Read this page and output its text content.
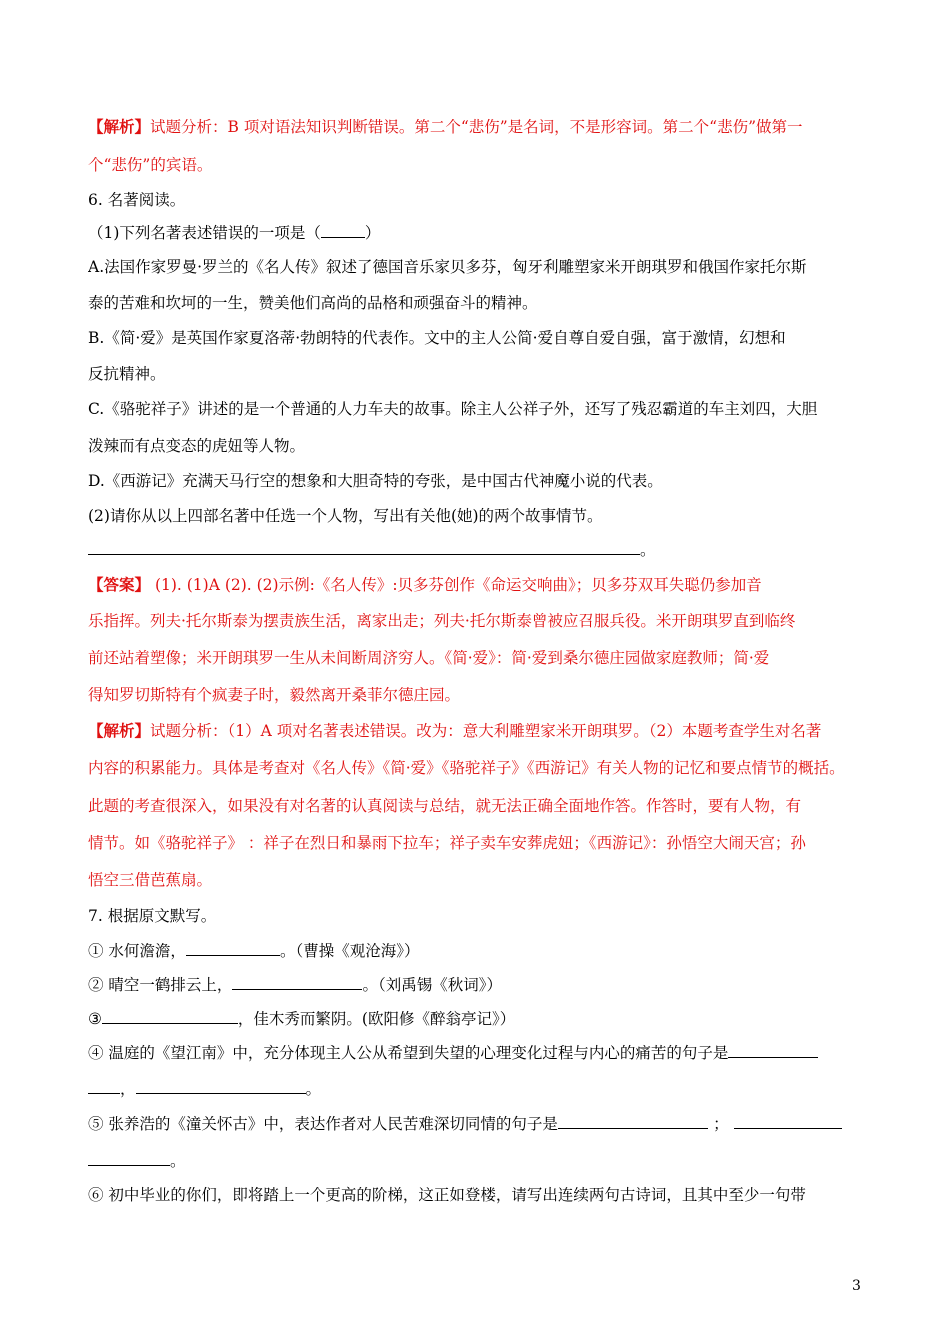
【解析】试题分析：B 项对语法知识判断错误。第二个“悲伤”是名词，不是形容词。第二个“悲伤”做第一
个“悲伤”的宾语。
6. 名著阅读。
（1)下列名著表述错误的一项是（	）
A.法国作家罗曼·罗兰的《名人传》叙述了德国音乐家贝多芬，匈牙利雕塑家米开朗琪罗和俄国作家托尔斯
泰的苦难和坎坷的一生，赞美他们高尚的品格和顽强奋斗的精神。
B.《简·爱》是英国作家夏洛蒂·勃朗特的代表作。文中的主人公简·爱自尊自爱自强，富于激情，幻想和
反抗精神。
C.《骆驼祥子》讲述的是一个普通的人力车夫的故事。除主人公祥子外，还写了残忍霸道的车主刘四，大胆
泼辣而有点变态的虎妞等人物。
D.《西游记》充满天马行空的想象和大胆奇特的夸张，是中国古代神魔小说的代表。
(2)请你从以上四部名著中任选一个人物，写出有关他(她)的两个故事情节。
。
【答案】 (1). (1)A (2). (2)示例:《名人传》:贝多芬创作《命运交响曲》；贝多芬双耳失聪仍参加音
乐指挥。列夫·托尔斯泰为摆责族生活，离家出走；列夫·托尔斯泰曾被应召服兵役。米开朗琪罗直到临终
前还站着塑像；米开朗琪罗一生从未间断周济穷人。《简·爱》：简·爱到桑尔德庄园做家庭教师；简·爱
得知罗切斯特有个疯妻子时，毅然离开桑菲尔德庄园。
【解析】试题分析：（1）A 项对名著表述错误。改为：意大利雕塑家米开朗琪罗。（2）本题考查学生对名著
内容的积累能力。具体是考查对《名人传》《简·爱》《骆驼祥子》《西游记》有关人物的记忆和要点情节的概括。
此题的考查很深入，如果没有对名著的认真阅读与总结，就无法正确全面地作答。作答时，要有人物，有
情节。如《骆驼祥子》 ：祥子在烈日和暴雨下拉车；祥子卖车安葬虎妞；《西游记》：孙悟空大闹天宫；孙
悟空三借芭蕉扇。
7. 根据原文默写。
① 水何澹澹，	。（曹操《观沧海》）
② 晴空一鹤排云上，	。（刘禹锡《秋词》）
③	，佳木秀而繁阴。(欧阳修《醉翁亭记》）
④ 温庭的《望江南》中，充分体现主人公从希望到失望的心理变化过程与内心的痛苦的句子是
，	。
⑤ 张养浩的《潼关怀古》中，表达作者对人民苦难深切同情的句子是	；
。
⑥ 初中毕业的你们，即将踏上一个更高的阶梯，这正如登楼，请写出连续两句古诗词，且其中至少一句带
3
